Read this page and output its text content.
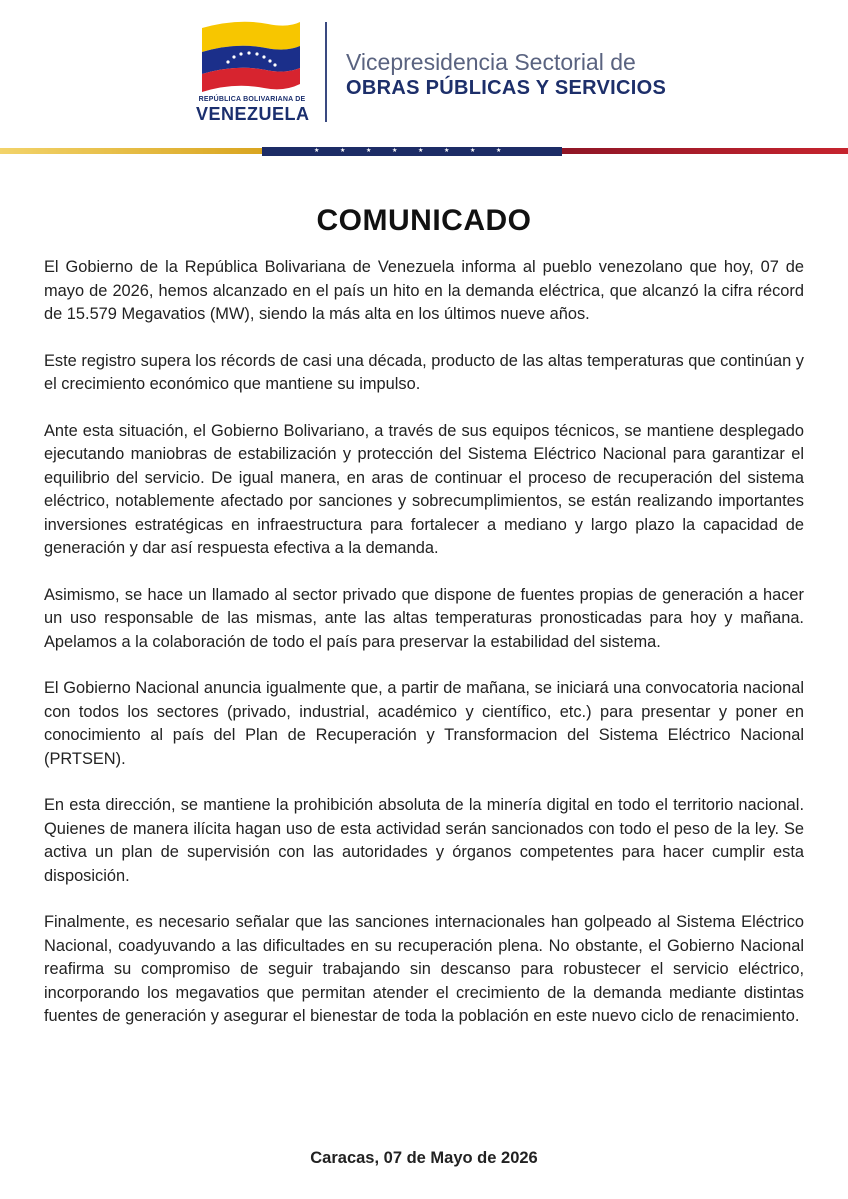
REPÚBLICA BOLIVARIANA DE
VENEZUELA
Vicepresidencia Sectorial de
OBRAS PÚBLICAS Y SERVICIOS
★	★	★	★	★	★	★	★
COMUNICADO

El Gobierno de la República Bolivariana de Venezuela informa al pueblo venezolano que hoy, 07 de mayo de 2026, hemos alcanzado en el país un hito en la demanda eléctrica, que alcanzó la cifra récord de 15.579 Megavatios (MW), siendo la más alta en los últimos nueve años.

Este registro supera los récords de casi una década, producto de las altas temperaturas que continúan y el crecimiento económico que mantiene su impulso.

Ante esta situación, el Gobierno Bolivariano, a través de sus equipos técnicos, se mantiene desplegado ejecutando maniobras de estabilización y protección del Sistema Eléctrico Nacional para garantizar el equilibrio del servicio. De igual manera, en aras de continuar el proceso de recuperación del sistema eléctrico, notablemente afectado por sanciones y sobrecumplimientos, se están realizando importantes inversiones estratégicas en infraestructura para fortalecer a mediano y largo plazo la capacidad de generación y dar así respuesta efectiva a la demanda.

Asimismo, se hace un llamado al sector privado que dispone de fuentes propias de generación a hacer un uso responsable de las mismas, ante las altas temperaturas pronosticadas para hoy y mañana. Apelamos a la colaboración de todo el país para preservar la estabilidad del sistema.

El Gobierno Nacional anuncia igualmente que, a partir de mañana, se iniciará una convocatoria nacional con todos los sectores (privado, industrial, académico y científico, etc.) para presentar y poner en conocimiento al país del Plan de Recuperación y Transformacion del Sistema Eléctrico Nacional (PRTSEN).

En esta dirección, se mantiene la prohibición absoluta de la minería digital en todo el territorio nacional. Quienes de manera ilícita hagan uso de esta actividad serán sancionados con todo el peso de la ley. Se activa un plan de supervisión con las autoridades y órganos competentes para hacer cumplir esta disposición.

Finalmente, es necesario señalar que las sanciones internacionales han golpeado al Sistema Eléctrico Nacional, coadyuvando a las dificultades en su recuperación plena. No obstante, el Gobierno Nacional reafirma su compromiso de seguir trabajando sin descanso para robustecer el servicio eléctrico, incorporando los megavatios que permitan atender el crecimiento de la demanda mediante distintas fuentes de generación y asegurar el bienestar de toda la población en este nuevo ciclo de renacimiento.

Caracas, 07 de Mayo de 2026
